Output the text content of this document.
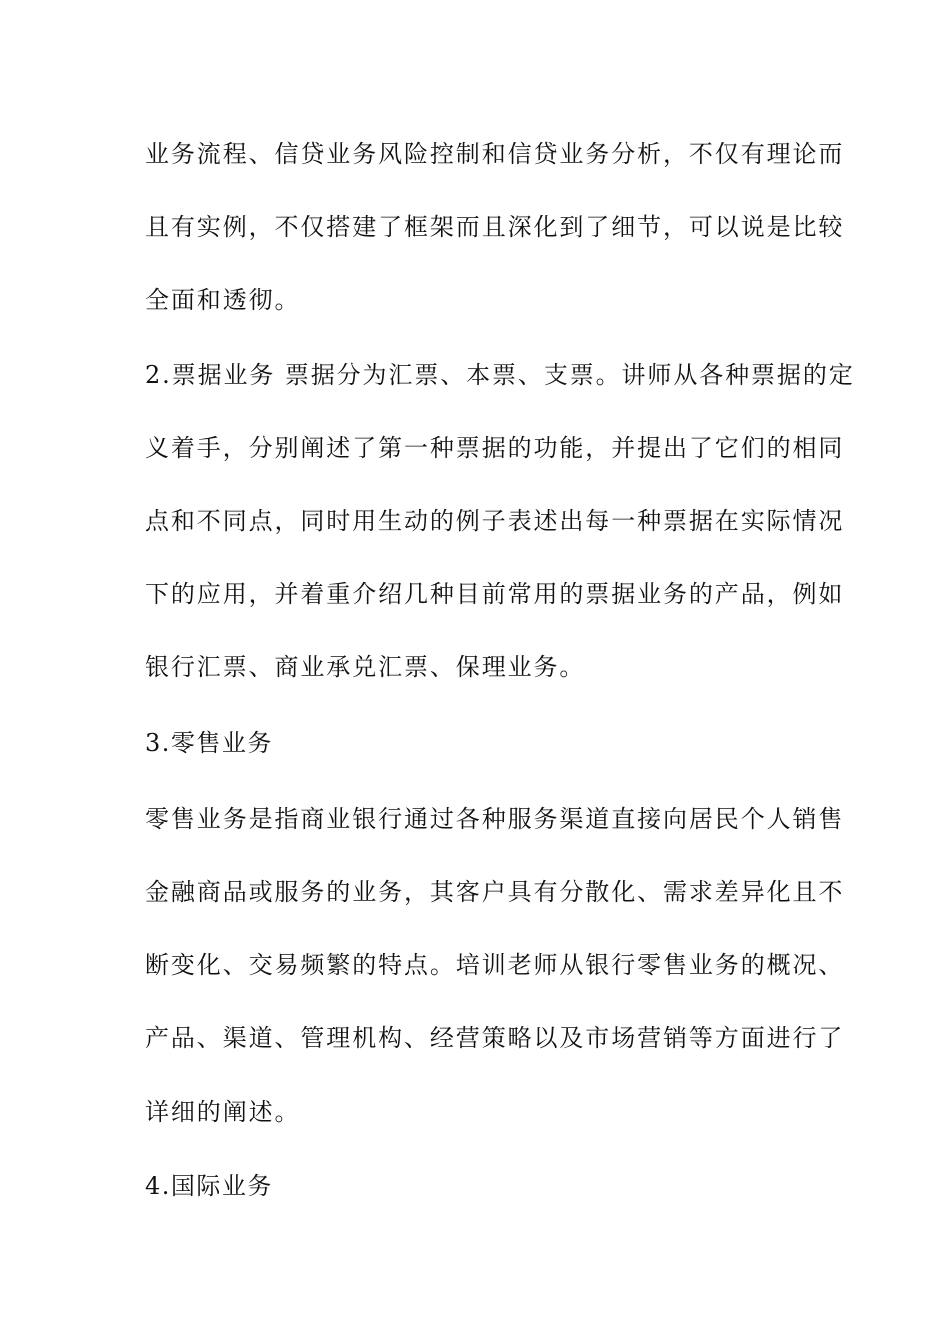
业务流程、信贷业务风险控制和信贷业务分析，不仅有理论而
且有实例，不仅搭建了框架而且深化到了细节，可以说是比较
全面和透彻。
2.票据业务 票据分为汇票、本票、支票。讲师从各种票据的定
义着手，分别阐述了第一种票据的功能，并提出了它们的相同
点和不同点，同时用生动的例子表述出每一种票据在实际情况
下的应用，并着重介绍几种目前常用的票据业务的产品，例如
银行汇票、商业承兑汇票、保理业务。
3.零售业务
零售业务是指商业银行通过各种服务渠道直接向居民个人销售
金融商品或服务的业务，其客户具有分散化、需求差异化且不
断变化、交易频繁的特点。培训老师从银行零售业务的概况、
产品、渠道、管理机构、经营策略以及市场营销等方面进行了
详细的阐述。
4.国际业务
